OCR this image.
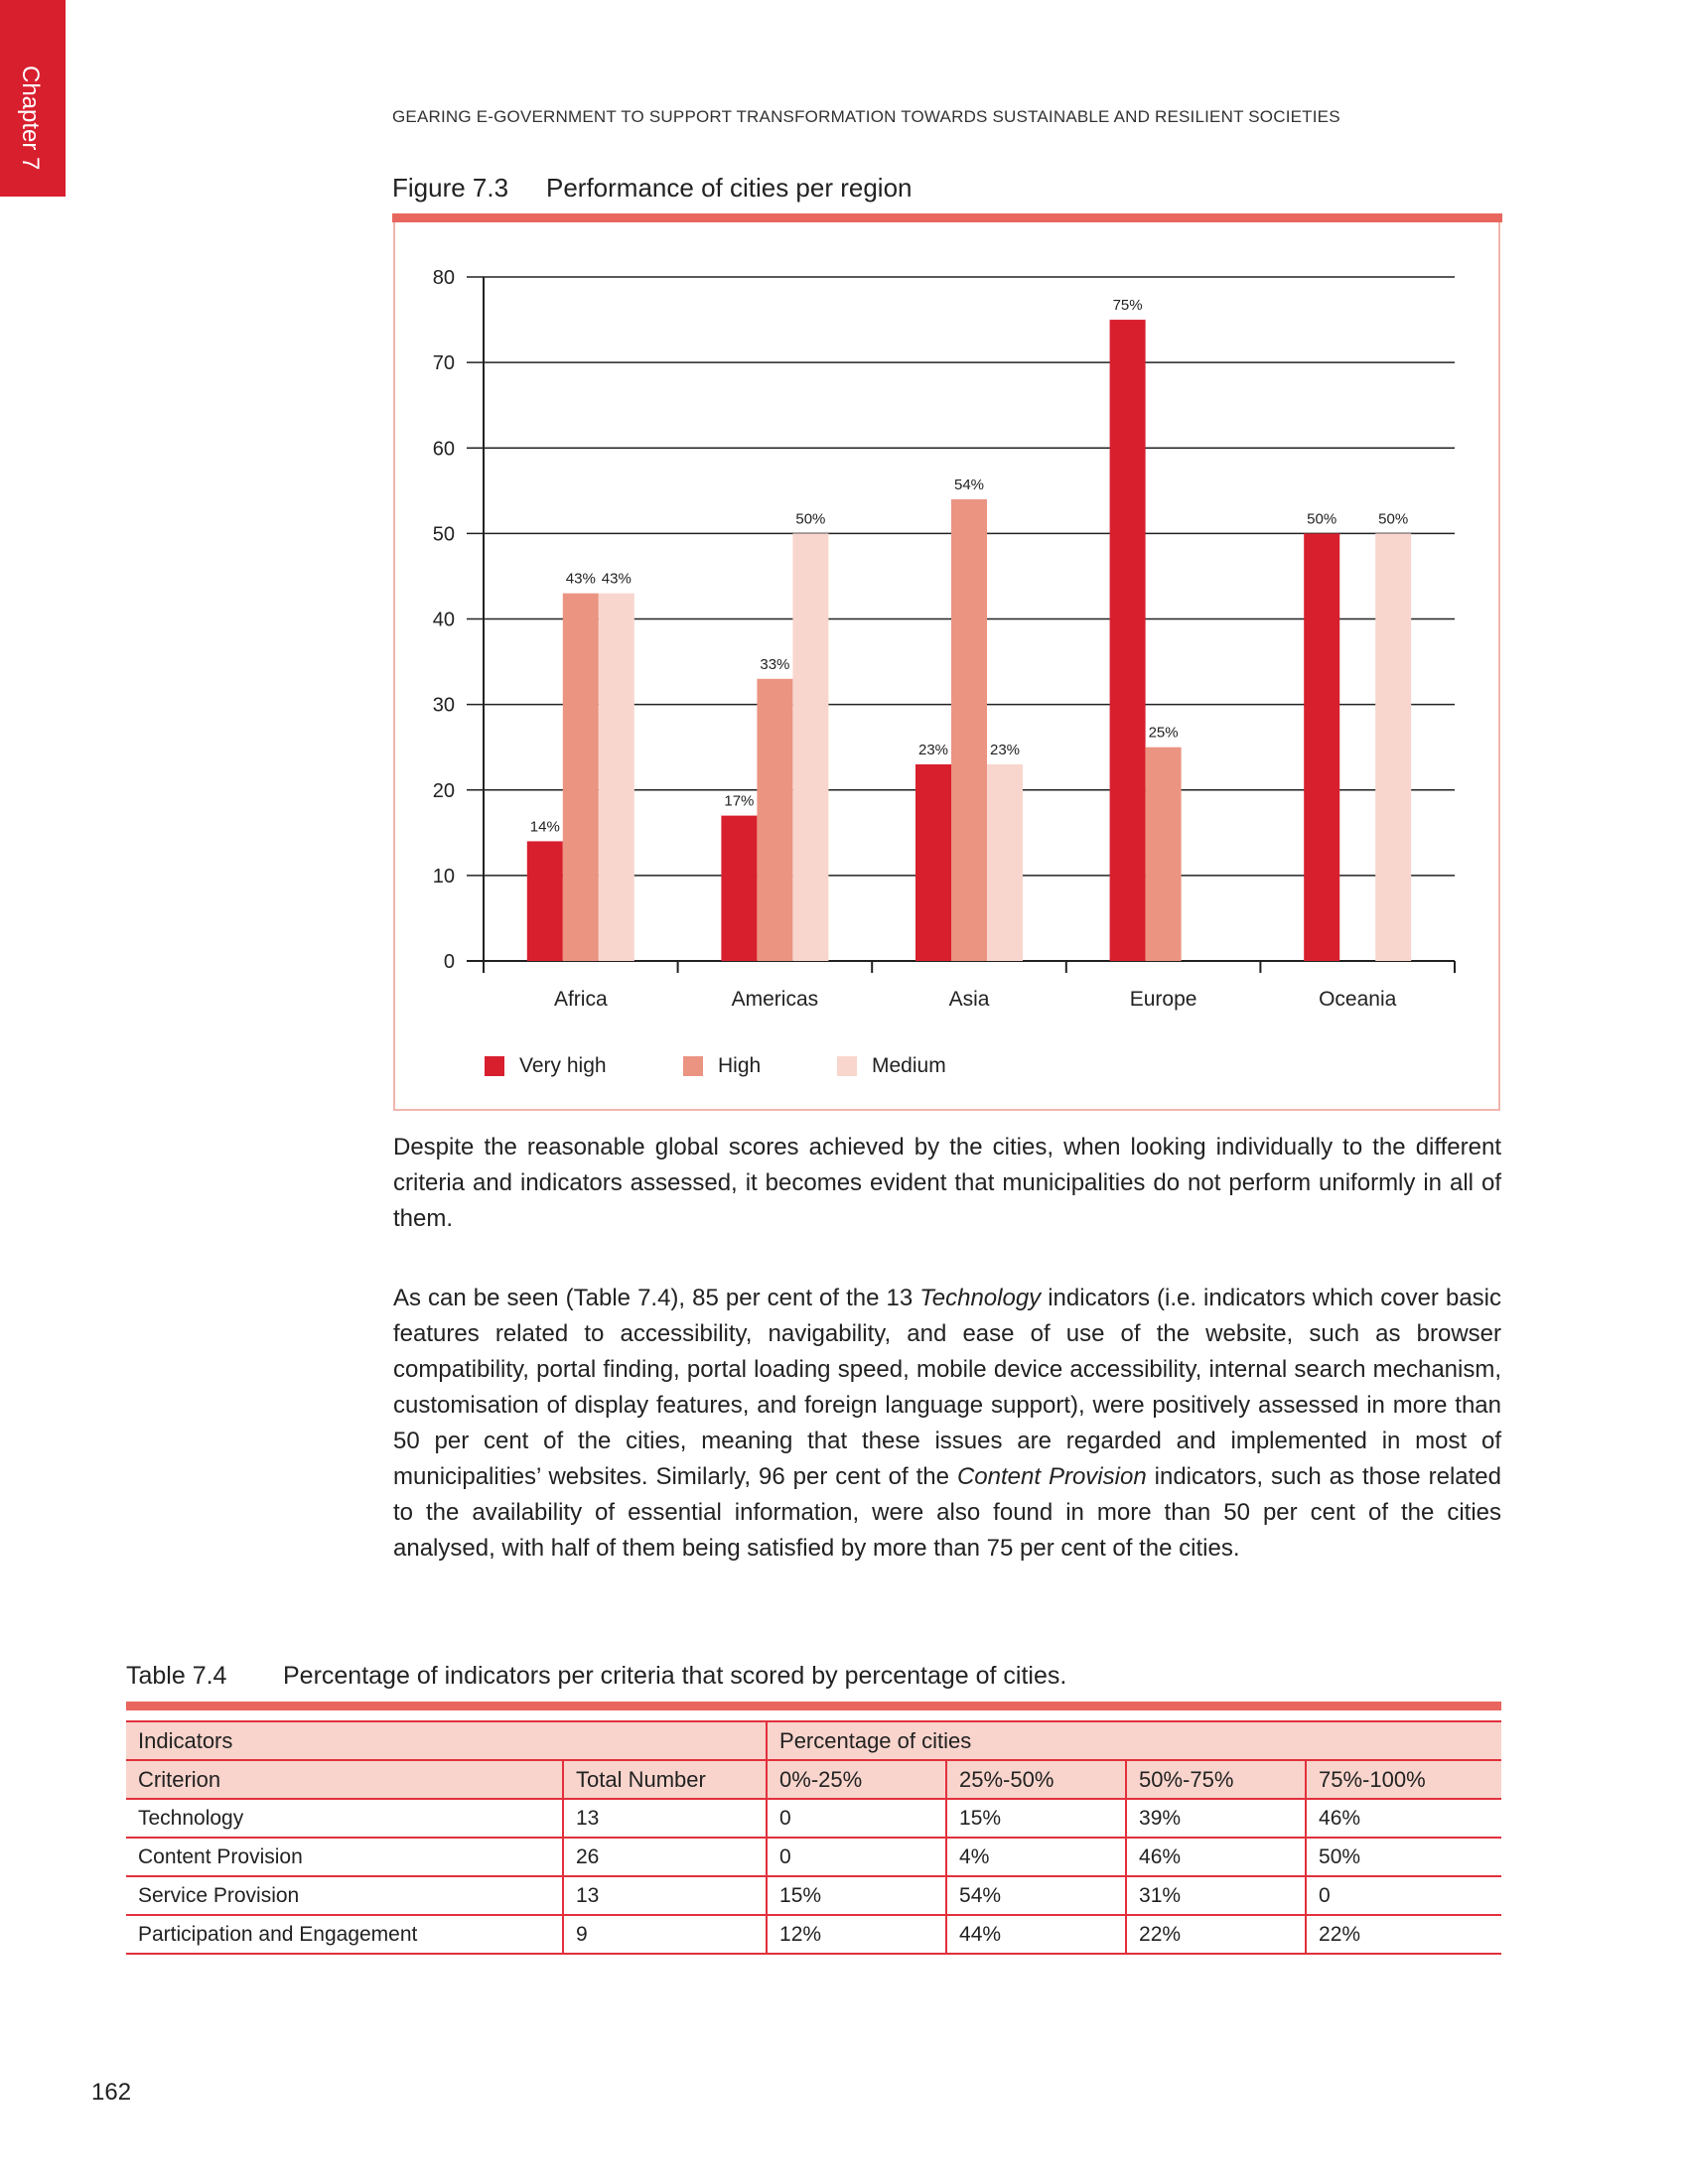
Chapter 7	GEARING E-GOVERNMENT TO SUPPORT TRANSFORMATION TOWARDS SUSTAINABLE AND RESILIENT SOCIETIES
Figure 7.3 Performance of cities per region
0
10
20
30
40
50
60
70
80
Africa	Americas	Asia	Europe	Oceania
14%
17%
23%
75%
50%
43%
33%
54%
25%
43%
50%
23%
50%
Very high	High	Medium

Despite the reasonable global scores achieved by the cities, when looking individually to the different criteria and indicators assessed, it becomes evident that municipalities do not perform uniformly in all of them.

As can be seen (Table 7.4), 85 per cent of the 13 Technology indicators (i.e. indicators which cover basic features related to accessibility, navigability, and ease of use of the website, such as browser compatibility, portal finding, portal loading speed, mobile device accessibility, internal search mechanism, customisation of display features, and foreign language support), were positively assessed in more than 50 per cent of the cities, meaning that these issues are regarded and implemented in most of municipalities’ websites. Similarly, 96 per cent of the Content Provision indicators, such as those related to the availability of essential information, were also found in more than 50 per cent of the cities analysed, with half of them being satisfied by more than 75 per cent of the cities.

Table 7.4 Percentage of indicators per criteria that scored by percentage of cities.
Indicators		Percentage of cities			
Criterion	Total Number	0%-25%	25%-50%	50%-75%	75%-100%
Technology	13	0	15%	39%	46%
Content Provision	26	0	4%	46%	50%
Service Provision	13	15%	54%	31%	0
Participation and Engagement	9	12%	44%	22%	22%
162
